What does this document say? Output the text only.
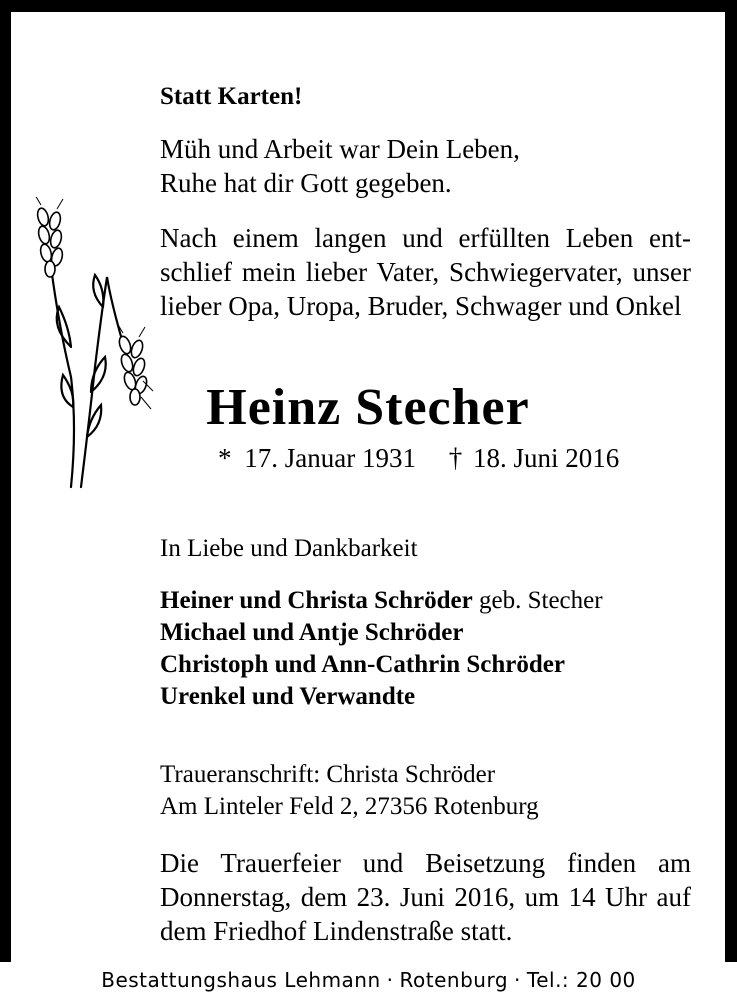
Statt Karten!
Müh und Arbeit war Dein Leben,
Ruhe hat dir Gott gegeben.
Nach einem langen und erfüllten Leben ent-
schlief mein lieber Vater, Schwiegervater, unser
lieber Opa, Uropa, Bruder, Schwager und Onkel
Heinz Stecher
* 17. Januar 1931 † 18. Juni 2016
In Liebe und Dankbarkeit
Heiner und Christa Schröder geb. Stecher
Michael und Antje Schröder
Christoph und Ann-Cathrin Schröder
Urenkel und Verwandte
Traueranschrift: Christa Schröder
Am Linteler Feld 2, 27356 Rotenburg
Die Trauerfeier und Beisetzung finden am
Donnerstag, dem 23. Juni 2016, um 14 Uhr auf
dem Friedhof Lindenstraße statt.
Bestattungshaus Lehmann · Rotenburg · Tel.: 20 00
